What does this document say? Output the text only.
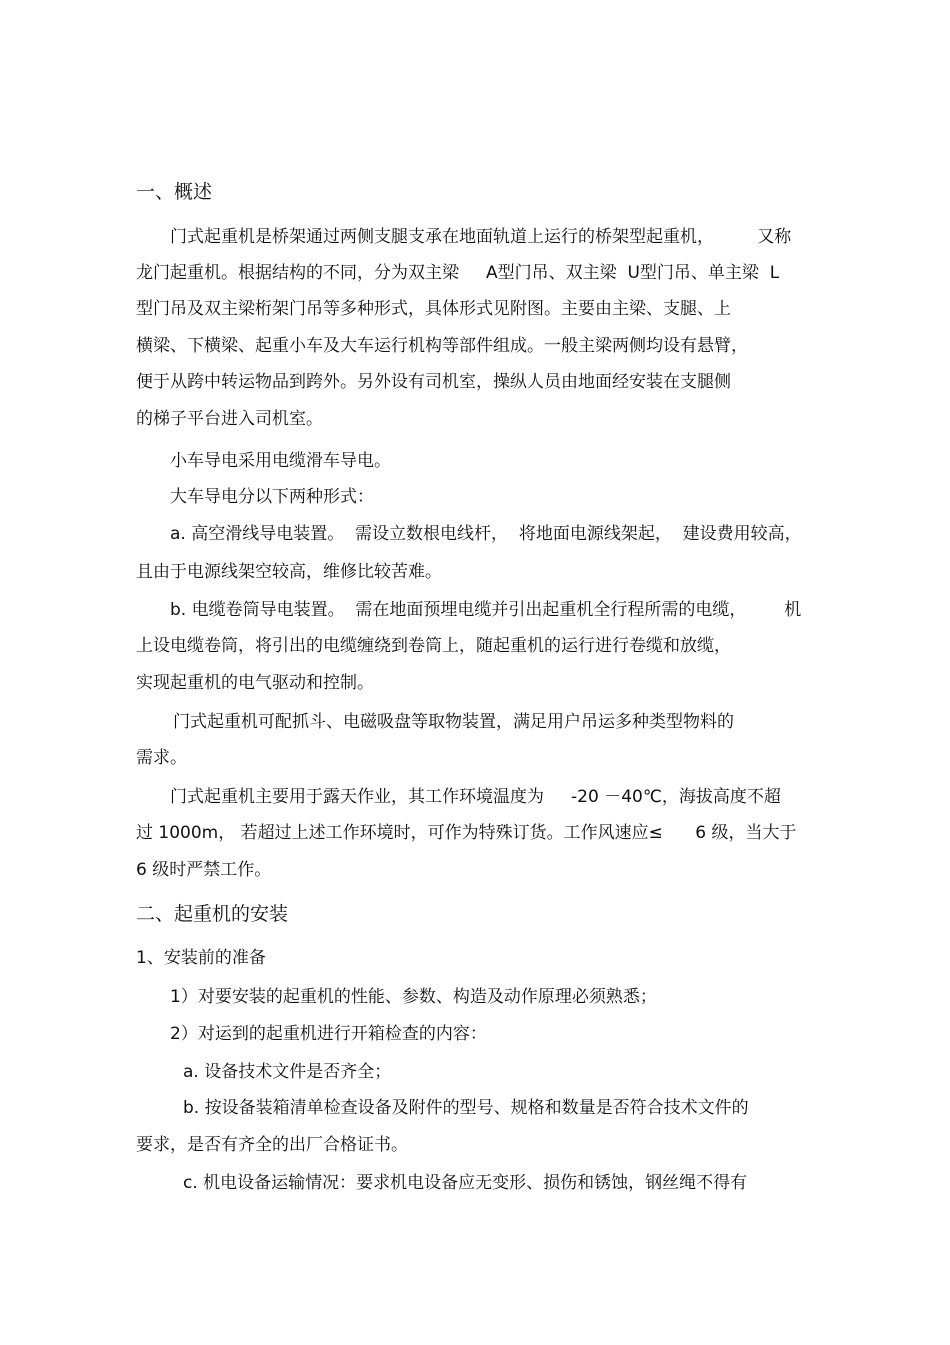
一、概述
门式起重机是桥架通过两侧支腿支承在地面轨道上运行的桥架型起重机，        又称
龙门起重机。根据结构的不同，分为双主梁     A型门吊、双主梁  U型门吊、单主梁  L
型门吊及双主梁桁架门吊等多种形式，具体形式见附图。主要由主梁、支腿、上
横梁、下横梁、起重小车及大车运行机构等部件组成。一般主梁两侧均设有悬臂，
便于从跨中转运物品到跨外。另外设有司机室，操纵人员由地面经安装在支腿侧
的梯子平台进入司机室。
小车导电采用电缆滑车导电。
大车导电分以下两种形式：
a. 高空滑线导电装置。  需设立数根电线杆，  将地面电源线架起，  建设费用较高，
且由于电源线架空较高，维修比较苦难。
b. 电缆卷筒导电装置。  需在地面预埋电缆并引出起重机全行程所需的电缆，       机
上设电缆卷筒，将引出的电缆缠绕到卷筒上，随起重机的运行进行卷缆和放缆，
实现起重机的电气驱动和控制。
门式起重机可配抓斗、电磁吸盘等取物装置，满足用户吊运多种类型物料的
需求。
门式起重机主要用于露天作业，其工作环境温度为     -20 －40℃，海拔高度不超
过 1000m， 若超过上述工作环境时，可作为特殊订货。工作风速应≤      6 级，当大于
6 级时严禁工作。
二、起重机的安装
1、安装前的准备
1）对要安装的起重机的性能、参数、构造及动作原理必须熟悉；
2）对运到的起重机进行开箱检查的内容：
a. 设备技术文件是否齐全；
b. 按设备装箱清单检查设备及附件的型号、规格和数量是否符合技术文件的
要求，是否有齐全的出厂合格证书。
c. 机电设备运输情况：要求机电设备应无变形、损伤和锈蚀，钢丝绳不得有
